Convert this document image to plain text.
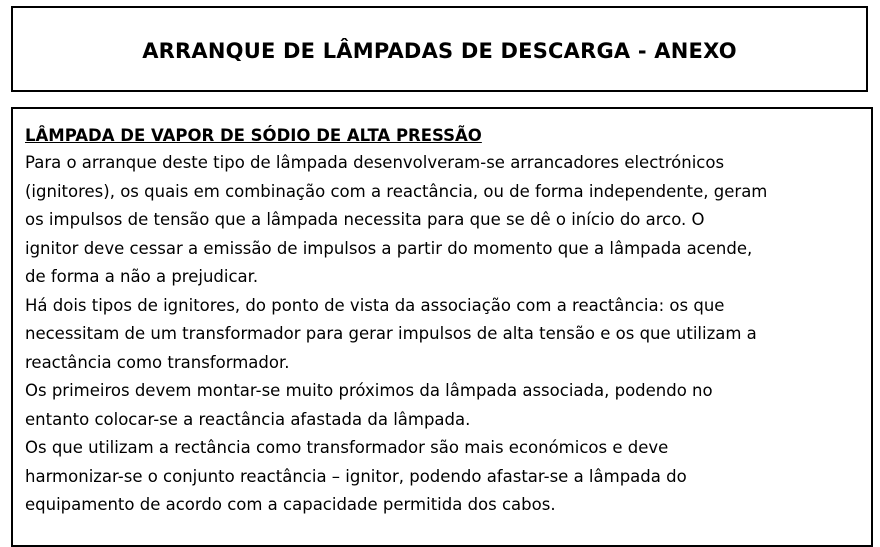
ARRANQUE DE LÂMPADAS DE DESCARGA - ANEXO
LÂMPADA DE VAPOR DE SÓDIO DE ALTA PRESSÃO
Para o arranque deste tipo de lâmpada desenvolveram-se arrancadores electrónicos
(ignitores), os quais em combinação com a reactância, ou de forma independente, geram
os impulsos de tensão que a lâmpada necessita para que se dê o início do arco. O
ignitor deve cessar a emissão de impulsos a partir do momento que a lâmpada acende,
de forma a não a prejudicar.
Há dois tipos de ignitores, do ponto de vista da associação com a reactância: os que
necessitam de um transformador para gerar impulsos de alta tensão e os que utilizam a
reactância como transformador.
Os primeiros devem montar-se muito próximos da lâmpada associada, podendo no
entanto colocar-se a reactância afastada da lâmpada.
Os que utilizam a rectância como transformador são mais económicos e deve
harmonizar-se o conjunto reactância – ignitor, podendo afastar-se a lâmpada do
equipamento de acordo com a capacidade permitida dos cabos.
